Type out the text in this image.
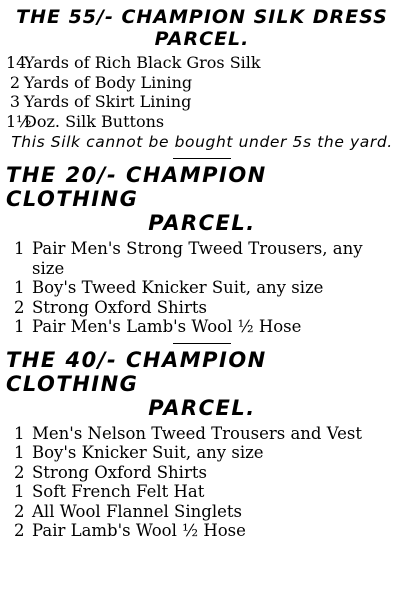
THE 55/- CHAMPION SILK DRESS
PARCEL.
14
Yards of Rich Black Gros Silk
2 Yards of Body Lining
3 Yards of Skirt Lining
1½
Doz. Silk Buttons

This Silk cannot be bought under 5s the yard.

THE 20/- CHAMPION CLOTHING
PARCEL.
1 Pair Men's Strong Tweed Trousers, any size
1 Boy's Tweed Knicker Suit, any size
2 Strong Oxford Shirts
1 Pair Men's Lamb's Wool ½ Hose
THE 40/- CHAMPION CLOTHING
PARCEL.
1 Men's Nelson Tweed Trousers and Vest
1 Boy's Knicker Suit, any size
2 Strong Oxford Shirts
1 Soft French Felt Hat
2 All Wool Flannel Singlets
2 Pair Lamb's Wool ½ Hose
